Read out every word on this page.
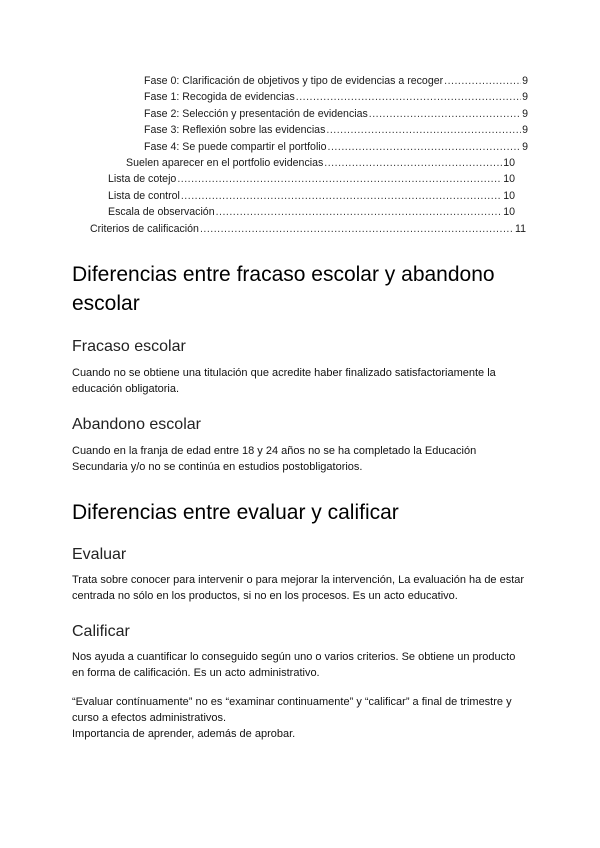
Fase 0: Clarificación de objetivos y tipo de evidencias a recoger .....	9
Fase 1: Recogida de evidencias .....	9
Fase 2: Selección y presentación de evidencias .....	9
Fase 3: Reflexión sobre las evidencias .....	9
Fase 4: Se puede compartir el portfolio .....	9
Suelen aparecer en el portfolio evidencias .....	10
Lista de cotejo .....	10
Lista de control .....	10
Escala de observación .....	10
Criterios de calificación .....	11
Diferencias entre fracaso escolar y abandono escolar
Fracaso escolar

Cuando no se obtiene una titulación que acredite haber finalizado satisfactoriamente la educación obligatoria.

Abandono escolar

Cuando en la franja de edad entre 18 y 24 años no se ha completado la Educación Secundaria y/o no se continúa en estudios postobligatorios.

Diferencias entre evaluar y calificar
Evaluar

Trata sobre conocer para intervenir o para mejorar la intervención, La evaluación ha de estar centrada no sólo en los productos, si no en los procesos. Es un acto educativo.

Calificar

Nos ayuda a cuantificar lo conseguido según uno o varios criterios. Se obtiene un producto en forma de calificación. Es un acto administrativo.

“Evaluar contínuamente” no es “examinar continuamente” y “calificar” a final de trimestre y curso a efectos administrativos.

Importancia de aprender, además de aprobar.
